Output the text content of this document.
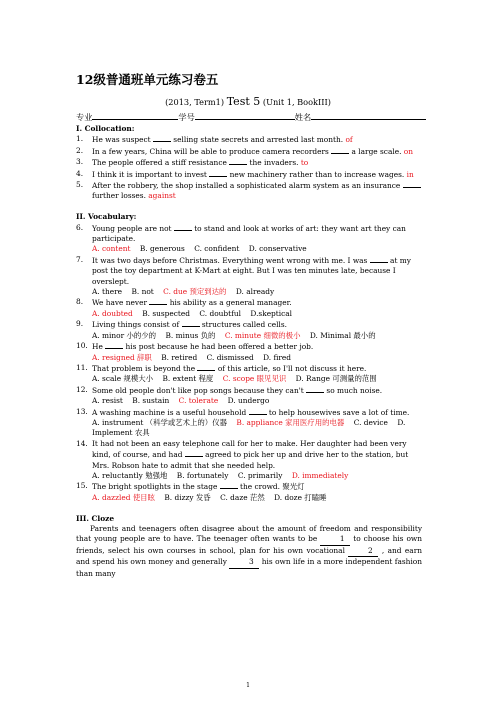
12级普通班单元练习卷五
(2013, Term1) Test 5 (Unit 1, BookIII)
专业	学号	姓名
I. Collocation:
1.	He was suspect  selling state secrets and arrested last month. of
2.	In a few years, China will be able to produce camera recorders  a large scale. on
3.	The people offered a stiff resistance  the invaders. to
4.	I think it is important to invest  new machinery rather than to increase wages. in
5.	After the robbery, the shop installed a sophisticated alarm system as an insurance  further losses. against
II. Vocabulary:
6.	Young people are not  to stand and look at works of art: they want art they can participate.
A. content B. generous C. confident D. conservative
7.	It was two days before Christmas. Everything went wrong with me. I was  at my post the toy department at K-Mart at eight. But I was ten minutes late, because I overslept.
A. there B. not C. due 预定到达的 D. already
8.	We have never  his ability as a general manager.
A. doubted B. suspected C. doubtful D.skeptical
9.	Living things consist of  structures called cells.
A. minor 小的少的 B. minus 负的 C. minute 细微的极小 D. Minimal 最小的
10. He  his post because he had been offered a better job.
A. resigned 辞职 B. retired C. dismissed D. fired
11. That problem is beyond the  of this article, so I'll not discuss it here.
A. scale 规模大小 B. extent 程度 C. scope 眼见见识 D. Range 可测量的范围
12. Some old people don't like pop songs because they can't  so much noise.
A. resist B. sustain C. tolerate D. undergo
13. A washing machine is a useful household  to help housewives save a lot of time.
A. instrument （科学或艺术上的）仪器 B. appliance 家用医疗用的电器 C. device D. Implement 农具
14. It had not been an easy telephone call for her to make. Her daughter had been very kind, of course, and had  agreed to pick her up and drive her to the station, but Mrs. Robson hate to admit that she needed help.
A. reluctantly 勉强地 B. fortunately C. primarily D. immediately
15. The bright spotlights in the stage  the crowd. 聚光灯
A. dazzled 使目眩 B. dizzy 发昏 C. daze 茫然 D. doze 打瞌睡
III. Cloze
Parents and teenagers often disagree about the amount of freedom and responsibility that young people are to have. The teenager often wants to be	1 to choose his own friends, select his own courses in school, plan for his own vocational	2 , and earn and spend his own money and generally	3 his own life in a more independent fashion than many
1
